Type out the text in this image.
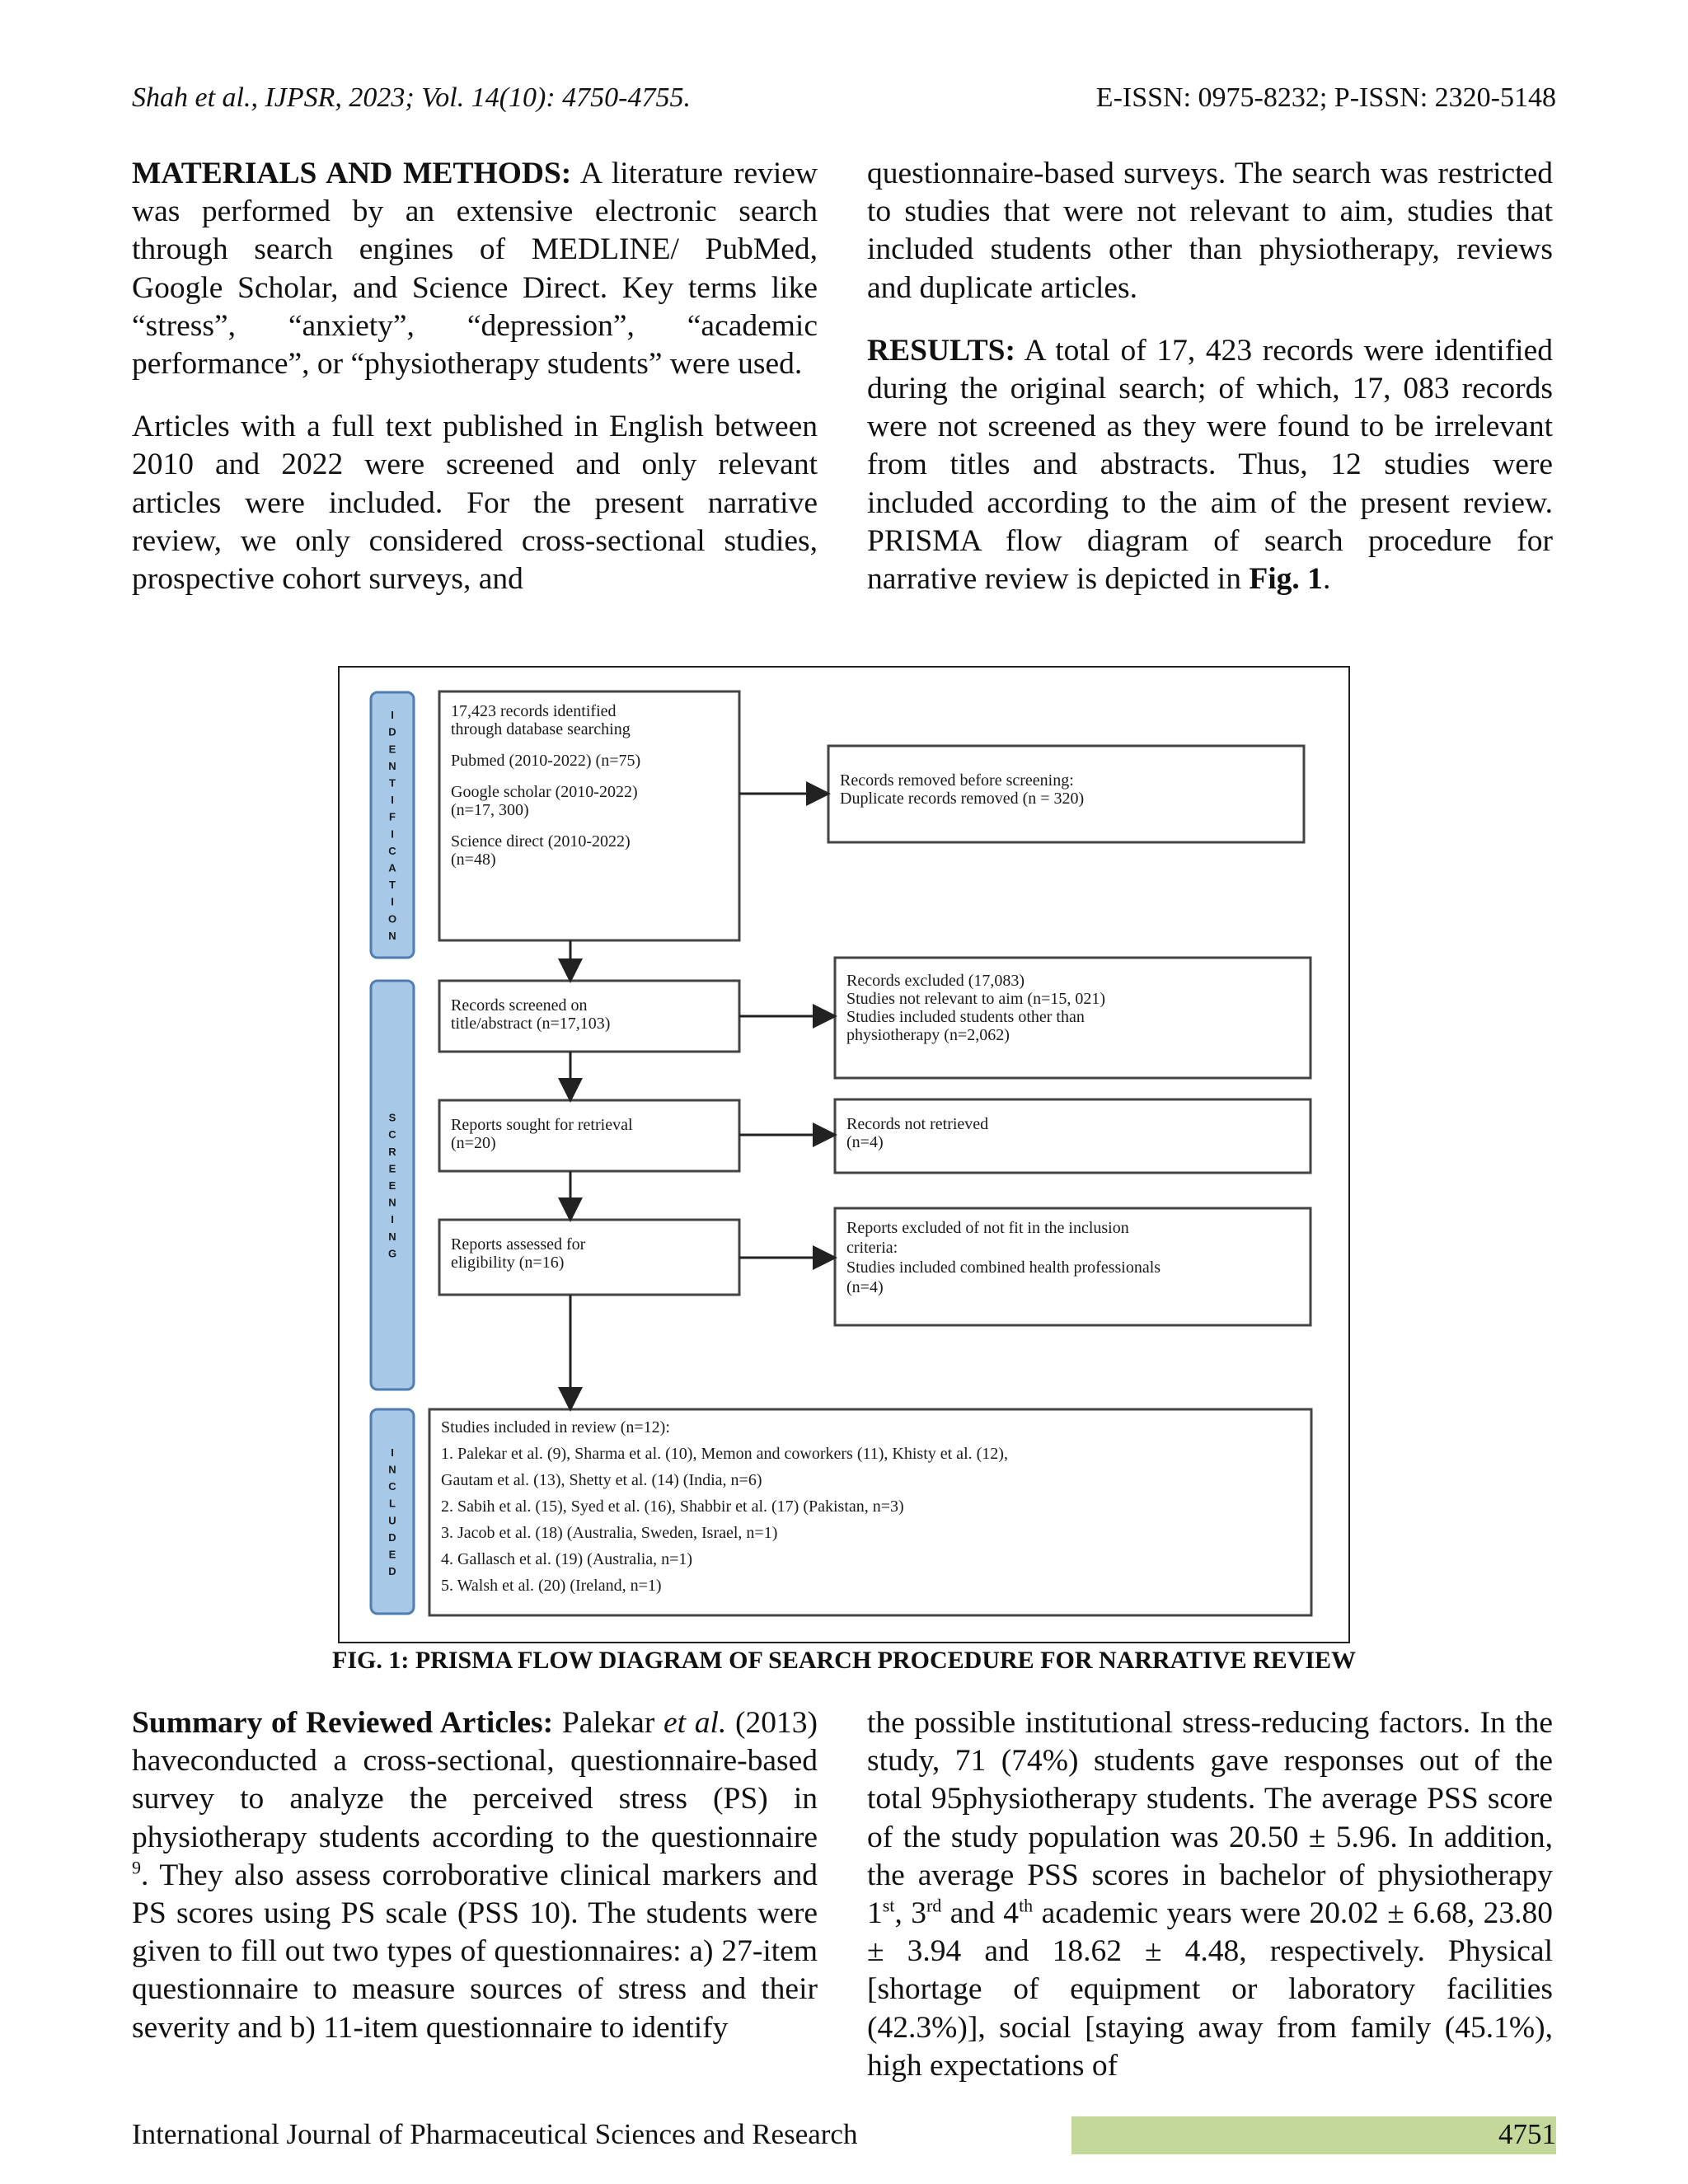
Shah et al., IJPSR, 2023; Vol. 14(10): 4750-4755.	E-ISSN: 0975-8232; P-ISSN: 2320-5148

MATERIALS AND METHODS: A literature review was performed by an extensive electronic search through search engines of MEDLINE/ PubMed, Google Scholar, and Science Direct. Key terms like “stress”, “anxiety”, “depression”, “academic performance”, or “physiotherapy students” were used.

Articles with a full text published in English between 2010 and 2022 were screened and only relevant articles were included. For the present narrative review, we only considered cross-sectional studies, prospective cohort surveys, and

questionnaire-based surveys. The search was restricted to studies that were not relevant to aim, studies that included students other than physiotherapy, reviews and duplicate articles.

RESULTS: A total of 17, 423 records were identified during the original search; of which, 17, 083 records were not screened as they were found to be irrelevant from titles and abstracts. Thus, 12 studies were included according to the aim of the present review. PRISMA flow diagram of search procedure for narrative review is depicted in Fig. 1.

I
D
E
N
T
I
F
I
C
A
T
I
O
N
S
C
R
E
E
N
I
N
G
I
N
C
L
U
D
E
D
17,423 records identified
through database searching
Pubmed (2010-2022) (n=75)
Google scholar (2010-2022)
(n=17, 300)
Science direct (2010-2022)
(n=48)
Records removed before screening:
Duplicate records removed (n = 320)
Records screened on
title/abstract (n=17,103)
Records excluded (17,083)
Studies not relevant to aim (n=15, 021)
Studies included students other than
physiotherapy (n=2,062)
Reports sought for retrieval
(n=20)
Records not retrieved
(n=4)
Reports assessed for
eligibility (n=16)
Reports excluded of not fit in the inclusion
criteria:
Studies included combined health professionals
(n=4)
Studies included in review (n=12):
1. Palekar et al. (9), Sharma et al. (10), Memon and coworkers (11), Khisty et al. (12),
Gautam et al. (13), Shetty et al. (14) (India, n=6)
2. Sabih et al. (15), Syed et al. (16), Shabbir et al. (17) (Pakistan, n=3)
3. Jacob et al. (18) (Australia, Sweden, Israel, n=1)
4. Gallasch et al. (19) (Australia, n=1)
5. Walsh et al. (20) (Ireland, n=1)
FIG. 1: PRISMA FLOW DIAGRAM OF SEARCH PROCEDURE FOR NARRATIVE REVIEW

Summary of Reviewed Articles: Palekar et al. (2013) haveconducted a cross-sectional, questionnaire-based survey to analyze the perceived stress (PS) in physiotherapy students according to the questionnaire $^9$. They also assess corroborative clinical markers and PS scores using PS scale (PSS 10). The students were given to fill out two types of questionnaires: a) 27-item questionnaire to measure sources of stress and their severity and b) 11-item questionnaire to identify

the possible institutional stress-reducing factors. In the study, 71 (74%) students gave responses out of the total 95physiotherapy students. The average PSS score of the study population was 20.50 ± 5.96. In addition, the average PSS scores in bachelor of physiotherapy 1st, 3rd and 4th academic years were 20.02 ± 6.68, 23.80 ± 3.94 and 18.62 ± 4.48, respectively. Physical [shortage of equipment or laboratory facilities (42.3%)], social [staying away from family (45.1%), high expectations of

International Journal of Pharmaceutical Sciences and Research	4751
